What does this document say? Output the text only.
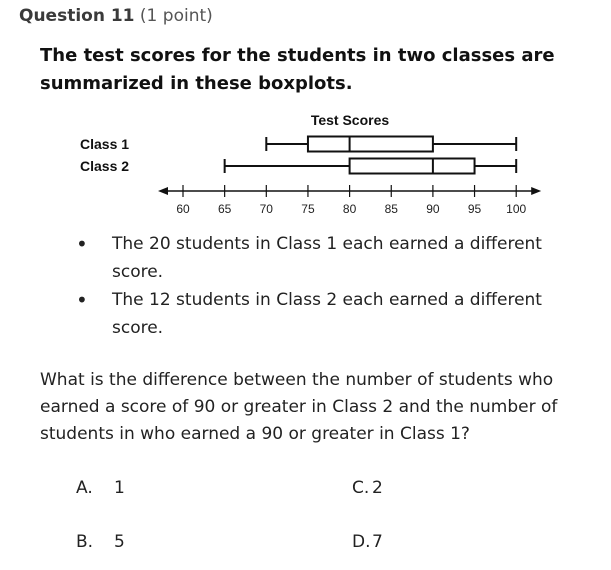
Question 11 (1 point)
The test scores for the students in two classes are summarized in these boxplots.
Test Scores
Class 1
Class 2
60 65 70 75 80 85 90 95 100
• The 20 students in Class 1 each earned a different score.
• The 12 students in Class 2 each earned a different score.
What is the difference between the number of students who earned a score of 90 or greater in Class 2 and the number of students in who earned a 90 or greater in Class 1?
A. 1
B. 5
C. 2
D.7
